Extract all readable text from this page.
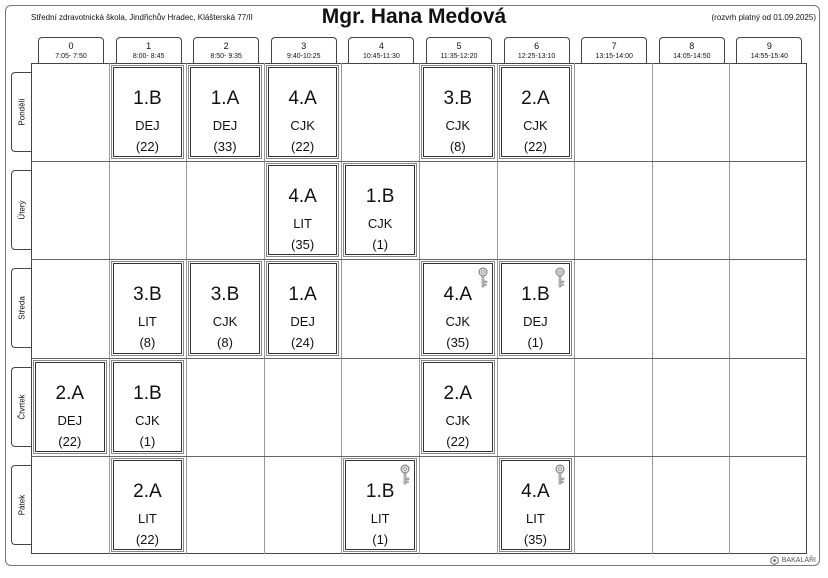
Střední zdravotnická škola, Jindřichův Hradec, Klášterská 77/II	Mgr. Hana Medová	(rozvrh platný od 01.09.2025)
0
7:05- 7:50
1
8:00- 8:45
2
8:50- 9:35
3
9:40-10:25
4
10:45-11:30
5
11:35-12:20
6
12:25-13:10
7
13:15-14:00
8
14:05-14:50
9
14:55-15:40
Pondělí
Úterý
Středa
Čtvrtek
Pátek
1.B
DEJ
(22)
1.A
DEJ
(33)
4.A
CJK
(22)
3.B
CJK
(8)
2.A
CJK
(22)
4.A
LIT
(35)
1.B
CJK
(1)
3.B
LIT
(8)
3.B
CJK
(8)
1.A
DEJ
(24)
4.A
CJK
(35)
1.B
DEJ
(1)
2.A
DEJ
(22)
1.B
CJK
(1)
2.A
CJK
(22)
2.A
LIT
(22)
1.B
LIT
(1)
4.A
LIT
(35)
BAKALÁŘI
